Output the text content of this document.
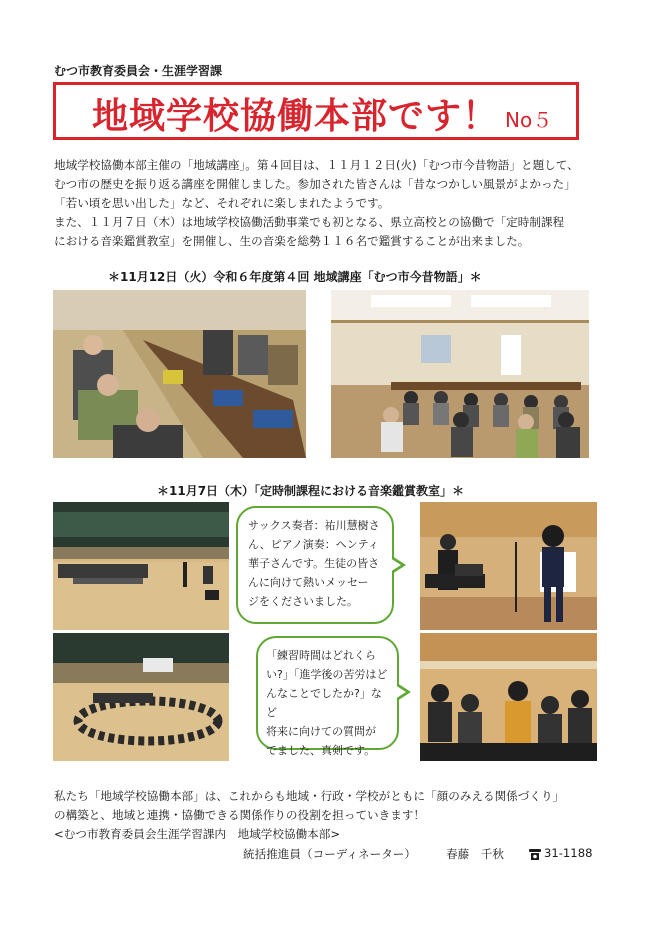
むつ市教育委員会・生涯学習課
地域学校協働本部です！ No５
地域学校協働本部主催の「地域講座」。第４回目は、１１月１２日(火)「むつ市今昔物語」と題して、
むつ市の歴史を振り返る講座を開催しました。参加された皆さんは「昔なつかしい風景がよかった」
「若い頃を思い出した」など、それぞれに楽しまれたようです。
また、１１月７日（木）は地域学校協働活動事業でも初となる、県立高校との協働で「定時制課程
における音楽鑑賞教室」を開催し、生の音楽を総勢１１６名で鑑賞することが出来ました。
＊11月12日（火）令和６年度第４回 地域講座「むつ市今昔物語」＊
＊11月7日（木）「定時制課程における音楽鑑賞教室」＊
サックス奏者：祐川慧樹さ
ん、ピアノ演奏：ヘンティ
華子さんです。生徒の皆さ
んに向けて熱いメッセー
ジをくださいました。
「練習時間はどれくら
い?」「進学後の苦労はど
んなことでしたか?」など
将来に向けての質問が
でました、真剣です。
私たち「地域学校協働本部」は、これからも地域・行政・学校がともに「顔のみえる関係づくり」
の構築と、地域と連携・協働できる関係作りの役割を担っていきます！
<むつ市教育委員会生涯学習課内　地域学校協働本部>
統括推進員（コーディネーター）	春藤　千秋	31-1188
